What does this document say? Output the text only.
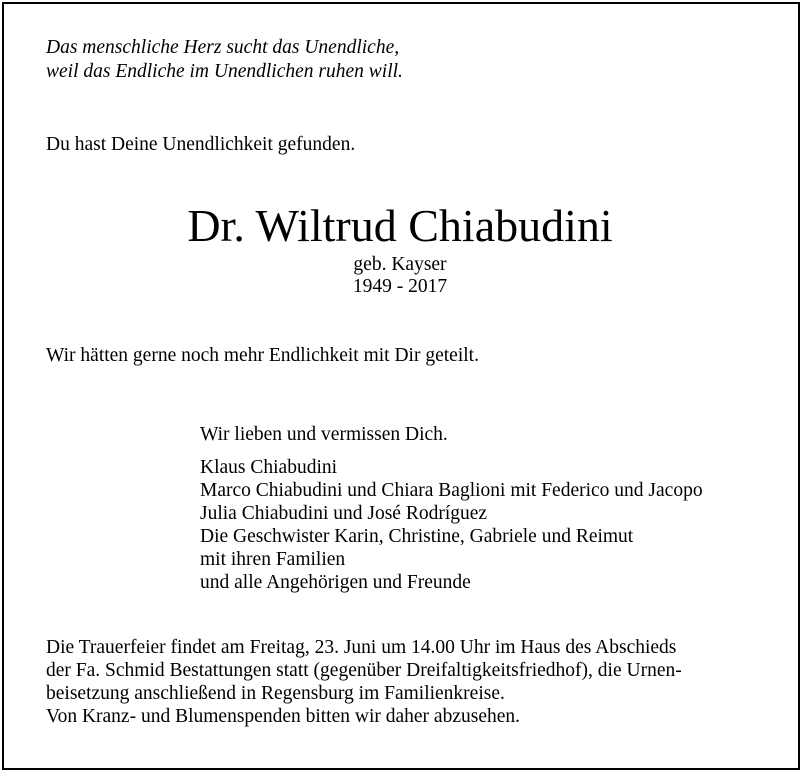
Das menschliche Herz sucht das Unendliche,
weil das Endliche im Unendlichen ruhen will.
Du hast Deine Unendlichkeit gefunden.
Dr. Wiltrud Chiabudini
geb. Kayser
1949 - 2017
Wir hätten gerne noch mehr Endlichkeit mit Dir geteilt.
Wir lieben und vermissen Dich.
Klaus Chiabudini
Marco Chiabudini und Chiara Baglioni mit Federico und Jacopo
Julia Chiabudini und José Rodríguez
Die Geschwister Karin, Christine, Gabriele und Reimut
mit ihren Familien
und alle Angehörigen und Freunde
Die Trauerfeier findet am Freitag, 23. Juni um 14.00 Uhr im Haus des Abschieds
der Fa. Schmid Bestattungen statt (gegenüber Dreifaltigkeitsfriedhof), die Urnen-
beisetzung anschließend in Regensburg im Familienkreise.
Von Kranz- und Blumenspenden bitten wir daher abzusehen.
